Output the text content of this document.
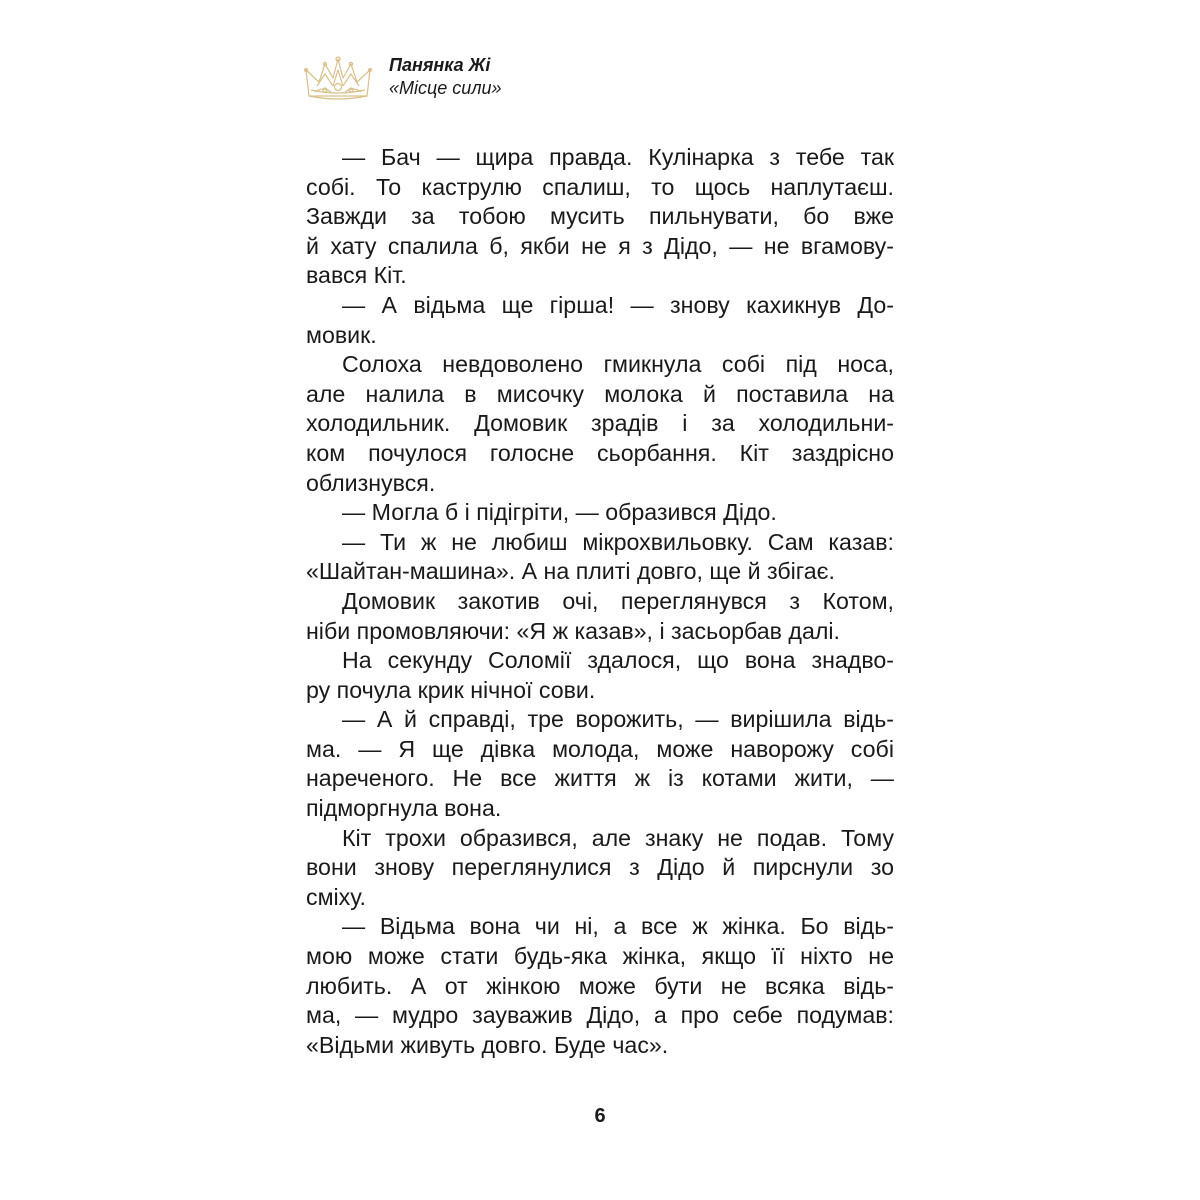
Панянка Жі
«Місце сили»
— Бач — щира правда. Кулінарка з тебе так
собі. То каструлю спалиш, то щось наплутаєш.
Завжди за тобою мусить пильнувати, бо вже
й хату спалила б, якби не я з Дідо, — не вгамову-
вався Кіт.
— А відьма ще гірша! — знову кахикнув До-
мовик.
Солоха невдоволено гмикнула собі під носа,
але налила в мисочку молока й поставила на
холодильник. Домовик зрадів і за холодильни-
ком почулося голосне сьорбання. Кіт заздрісно
облизнувся.
— Могла б і підігріти, — образився Дідо.
— Ти ж не любиш мікрохвильовку. Сам казав:
«Шайтан-машина». А на плиті довго, ще й збігає.
Домовик закотив очі, переглянувся з Котом,
ніби промовляючи: «Я ж казав», і засьорбав далі.
На секунду Соломії здалося, що вона знадво-
ру почула крик нічної сови.
— А й справді, тре ворожить, — вирішила відь-
ма. — Я ще дівка молода, може наворожу собі
нареченого. Не все життя ж із котами жити, —
підморгнула вона.
Кіт трохи образився, але знаку не подав. Тому
вони знову переглянулися з Дідо й пирснули зо
сміху.
— Відьма вона чи ні, а все ж жінка. Бо відь-
мою може стати будь-яка жінка, якщо її ніхто не
любить. А от жінкою може бути не всяка відь-
ма, — мудро зауважив Дідо, а про себе подумав:
«Відьми живуть довго. Буде час».
6
